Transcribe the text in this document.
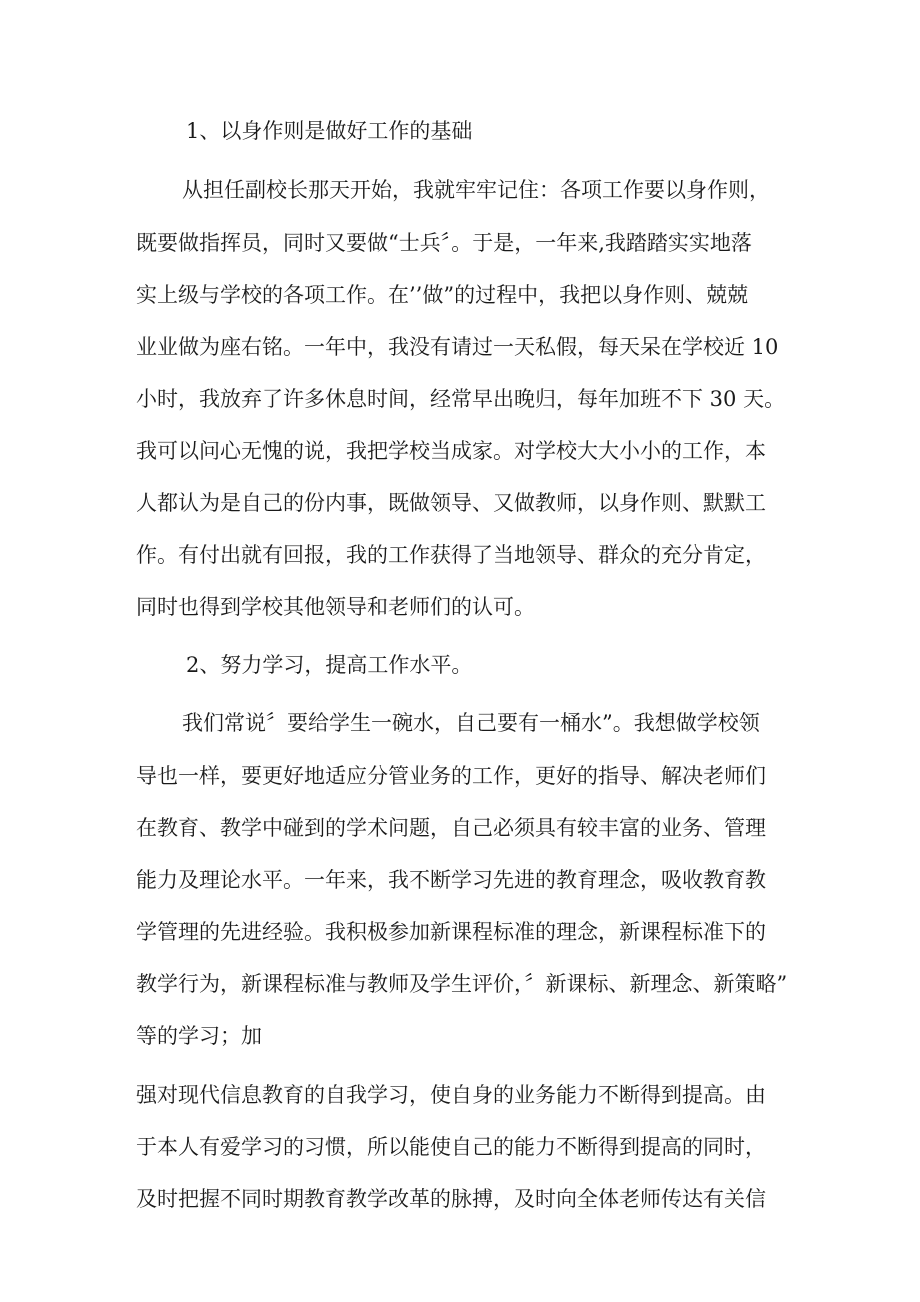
1、以身作则是做好工作的基础
从担任副校长那天开始，我就牢牢记住：各项工作要以身作则，
既要做指挥员，同时又要做“士兵〞。于是，一年来,我踏踏实实地落
实上级与学校的各项工作。在’’做”的过程中，我把以身作则、兢兢
业业做为座右铭。一年中，我没有请过一天私假，每天呆在学校近 10
小时，我放弃了许多休息时间，经常早出晚归，每年加班不下 30 天。
我可以问心无愧的说，我把学校当成家。对学校大大小小的工作，本
人都认为是自己的份内事，既做领导、又做教师，以身作则、默默工
作。有付出就有回报，我的工作获得了当地领导、群众的充分肯定，
同时也得到学校其他领导和老师们的认可。
2、努力学习，提高工作水平。
我们常说〞要给学生一碗水，自己要有一桶水”。我想做学校领
导也一样，要更好地适应分管业务的工作，更好的指导、解决老师们
在教育、教学中碰到的学术问题，自己必须具有较丰富的业务、管理
能力及理论水平。一年来，我不断学习先进的教育理念，吸收教育教
学管理的先进经验。我积极参加新课程标准的理念，新课程标准下的
教学行为，新课程标准与教师及学生评价，〞新课标、新理念、新策略”
等的学习；加
强对现代信息教育的自我学习，使自身的业务能力不断得到提高。由
于本人有爱学习的习惯，所以能使自己的能力不断得到提高的同时，
及时把握不同时期教育教学改革的脉搏，及时向全体老师传达有关信
